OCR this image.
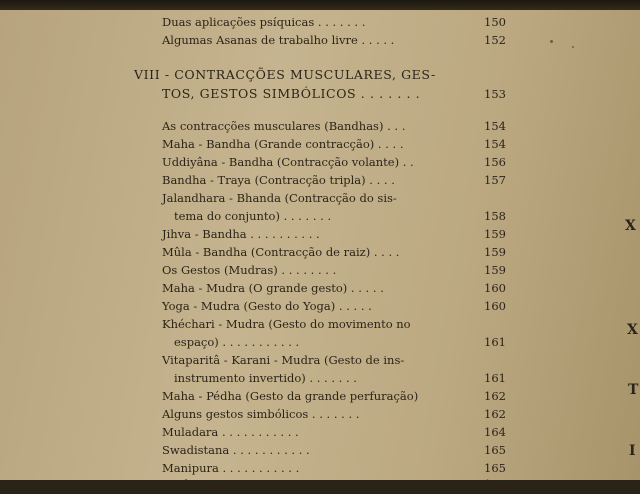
Duas aplicações psíquicas . . . . . . .	150
Algumas Asanas de trabalho livre . . . . .	152
VIII - CONTRACÇÕES MUSCULARES, GES-
TOS, GESTOS SIMBÓLICOS . . . . . . .	153
As contracções musculares (Bandhas) . . .	154
Maha - Bandha (Grande contracção) . . . .	154
Uddiyâna - Bandha (Contracção volante) . .	156
Bandha - Traya (Contracção tripla) . . . .	157
Jalandhara - Bhanda (Contracção do sis-
tema do conjunto) . . . . . . .	158
Jihva - Bandha . . . . . . . . . .	159
Mûla - Bandha (Contracção de raiz) . . . .	159
Os Gestos (Mudras) . . . . . . . .	159
Maha - Mudra (O grande gesto) . . . . .	160
Yoga - Mudra (Gesto do Yoga) . . . . .	160
Khéchari - Mudra (Gesto do movimento no
espaço) . . . . . . . . . . .	161
Vitaparitâ - Karani - Mudra (Gesto de ins-
instrumento invertido) . . . . . . .	161
Maha - Pédha (Gesto da grande perfuração)	162
Alguns gestos simbólicos . . . . . . .	162
Muladara . . . . . . . . . . .	164
Swadistana . . . . . . . . . . .	165
Manipura . . . . . . . . . . .	165
Anahata . . . . . . . . . . .	166
X
X
T
I
